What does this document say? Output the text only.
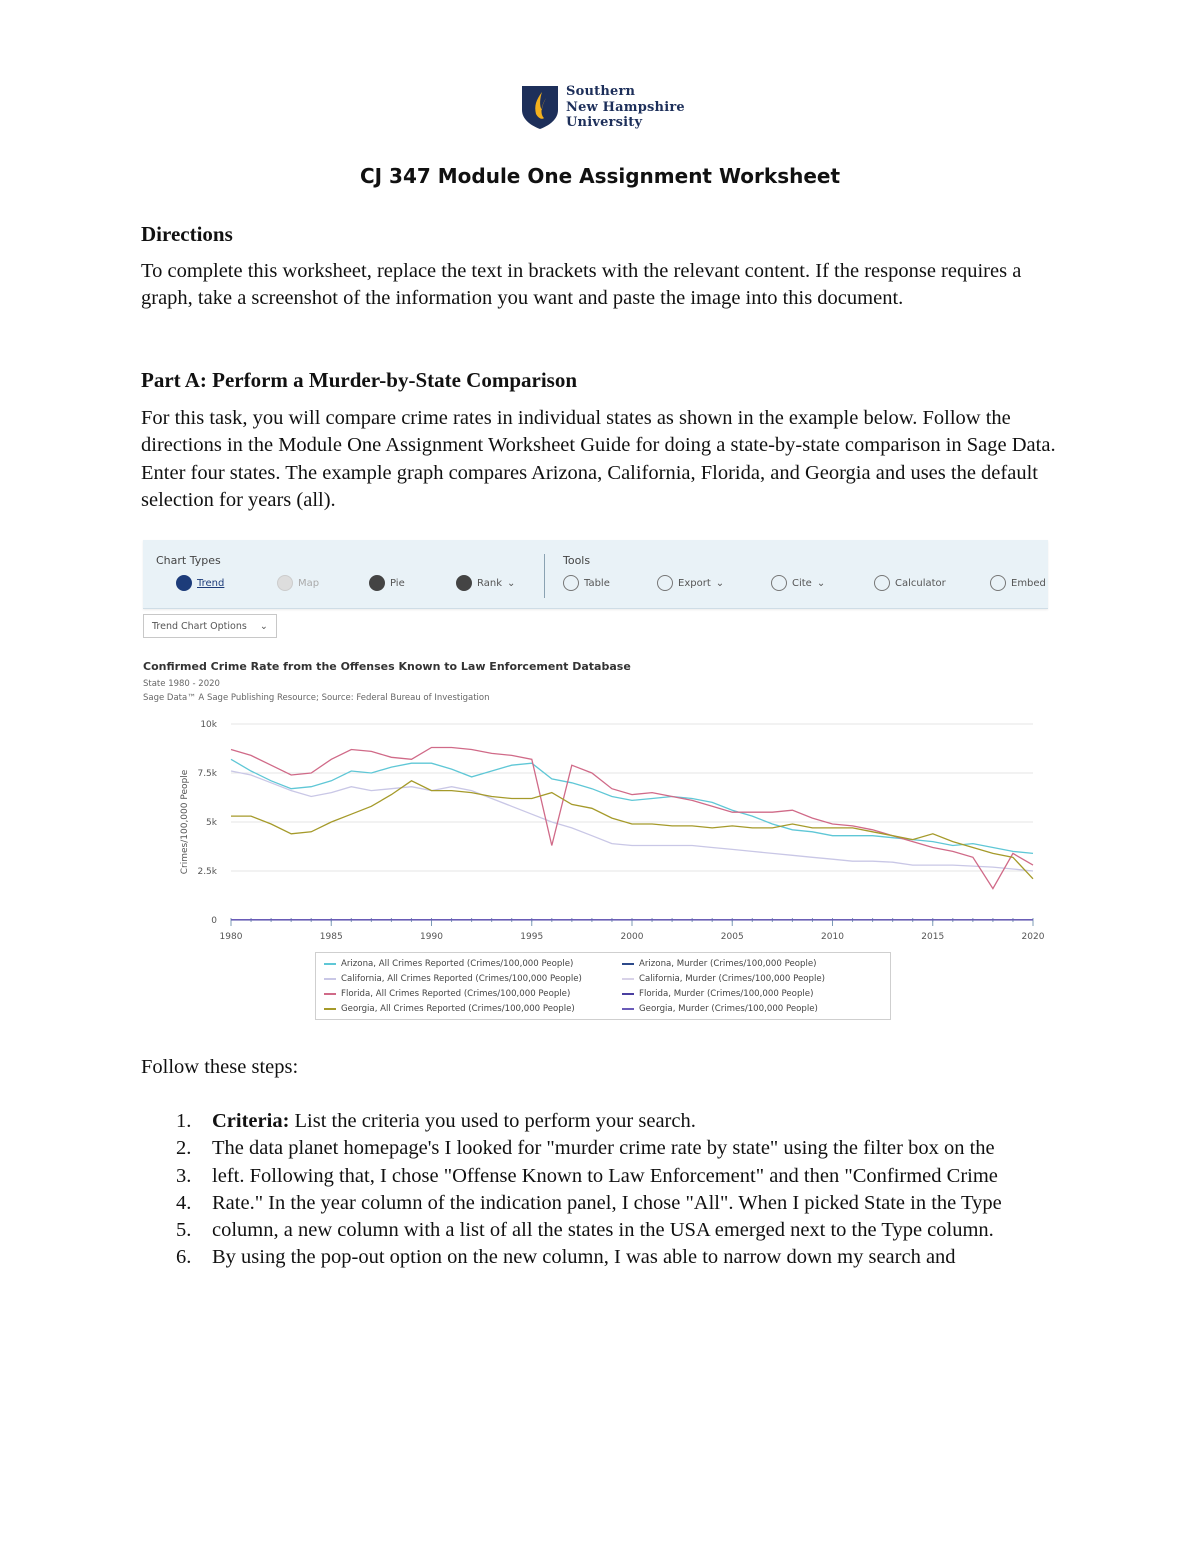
Southern
New Hampshire
University
CJ 347 Module One Assignment Worksheet
Directions
To complete this worksheet, replace the text in brackets with the relevant content. If the response requires a graph, take a screenshot of the information you want and paste the image into this document.
Part A: Perform a Murder-by-State Comparison
For this task, you will compare crime rates in individual states as shown in the example below. Follow the directions in the Module One Assignment Worksheet Guide for doing a state-by-state comparison in Sage Data. Enter four states. The example graph compares Arizona, California, Florida, and Georgia and uses the default selection for years (all).
Chart Types	Tools
Trend	Map	Pie	Rank ⌄	Table	Export ⌄	Cite ⌄	Calculator	Embed
Trend Chart Options ⌄
Confirmed Crime Rate from the Offenses Known to Law Enforcement Database
State 1980 - 2020
Sage Data™ A Sage Publishing Resource; Source: Federal Bureau of Investigation
0
2.5k
5k
7.5k
10k
1980	1985	1990	1995	2000	2005	2010	2015	2020
Crimes/100,000 People
Arizona, All Crimes Reported (Crimes/100,000 People)	Arizona, Murder (Crimes/100,000 People)
California, All Crimes Reported (Crimes/100,000 People)	California, Murder (Crimes/100,000 People)
Florida, All Crimes Reported (Crimes/100,000 People)	Florida, Murder (Crimes/100,000 People)
Georgia, All Crimes Reported (Crimes/100,000 People)	Georgia, Murder (Crimes/100,000 People)
Follow these steps:
1. Criteria: List the criteria you used to perform your search.
2. The data planet homepage's I looked for "murder crime rate by state" using the filter box on the
3. left. Following that, I chose "Offense Known to Law Enforcement" and then "Confirmed Crime
4. Rate." In the year column of the indication panel, I chose "All". When I picked State in the Type
5. column, a new column with a list of all the states in the USA emerged next to the Type column.
6. By using the pop-out option on the new column, I was able to narrow down my search and
